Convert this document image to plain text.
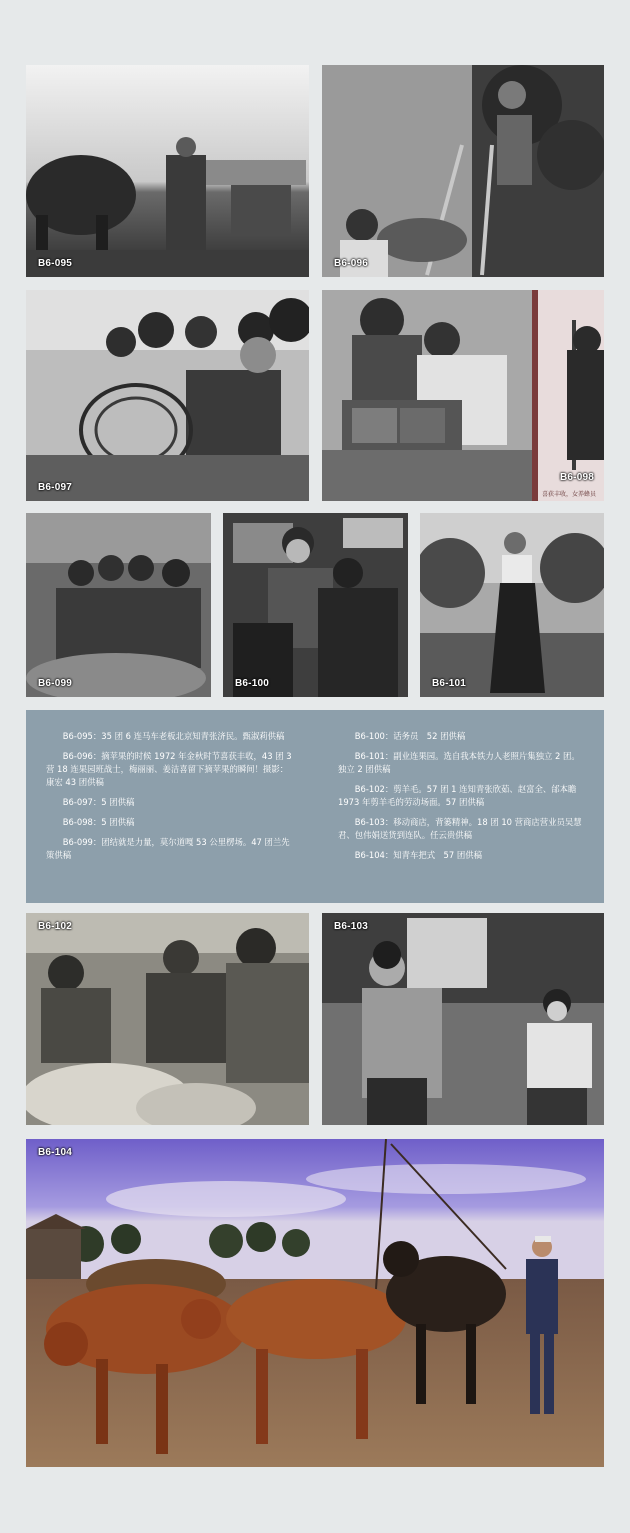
B6-095	B6-096
B6-097
B6-098
喜获丰收，女养蜂员
B6-099	B6-100	B6-101

B6-095：35 团 6 连马车老板北京知青张济民。甄淑莉供稿

B6-096：摘苹果的时候 1972 年金秋时节喜获丰收，43 团 3 营 18 连果园班战士，梅丽丽、姜洁喜留下摘苹果的瞬间！摄影：康宏 43 团供稿

B6-097：5 团供稿

B6-098：5 团供稿

B6-099：团结就是力量，莫尔道嘎 53 公里楞场。47 团兰先策供稿

B6-100：话务员　52 团供稿

B6-101：副业连果园。选自我本铁力人老照片集独立 2 团。独立 2 团供稿

B6-102：剪羊毛。57 团 1 连知青张欣茹、赵富全、邰本瞻 1973 年剪羊毛的劳动场面。57 团供稿

B6-103：移动商店，背篓精神。18 团 10 营商店营业员吴慧君、包伟娟送货到连队。任云贵供稿

B6-104：知青车把式　57 团供稿

B6-102	B6-103
B6-104
